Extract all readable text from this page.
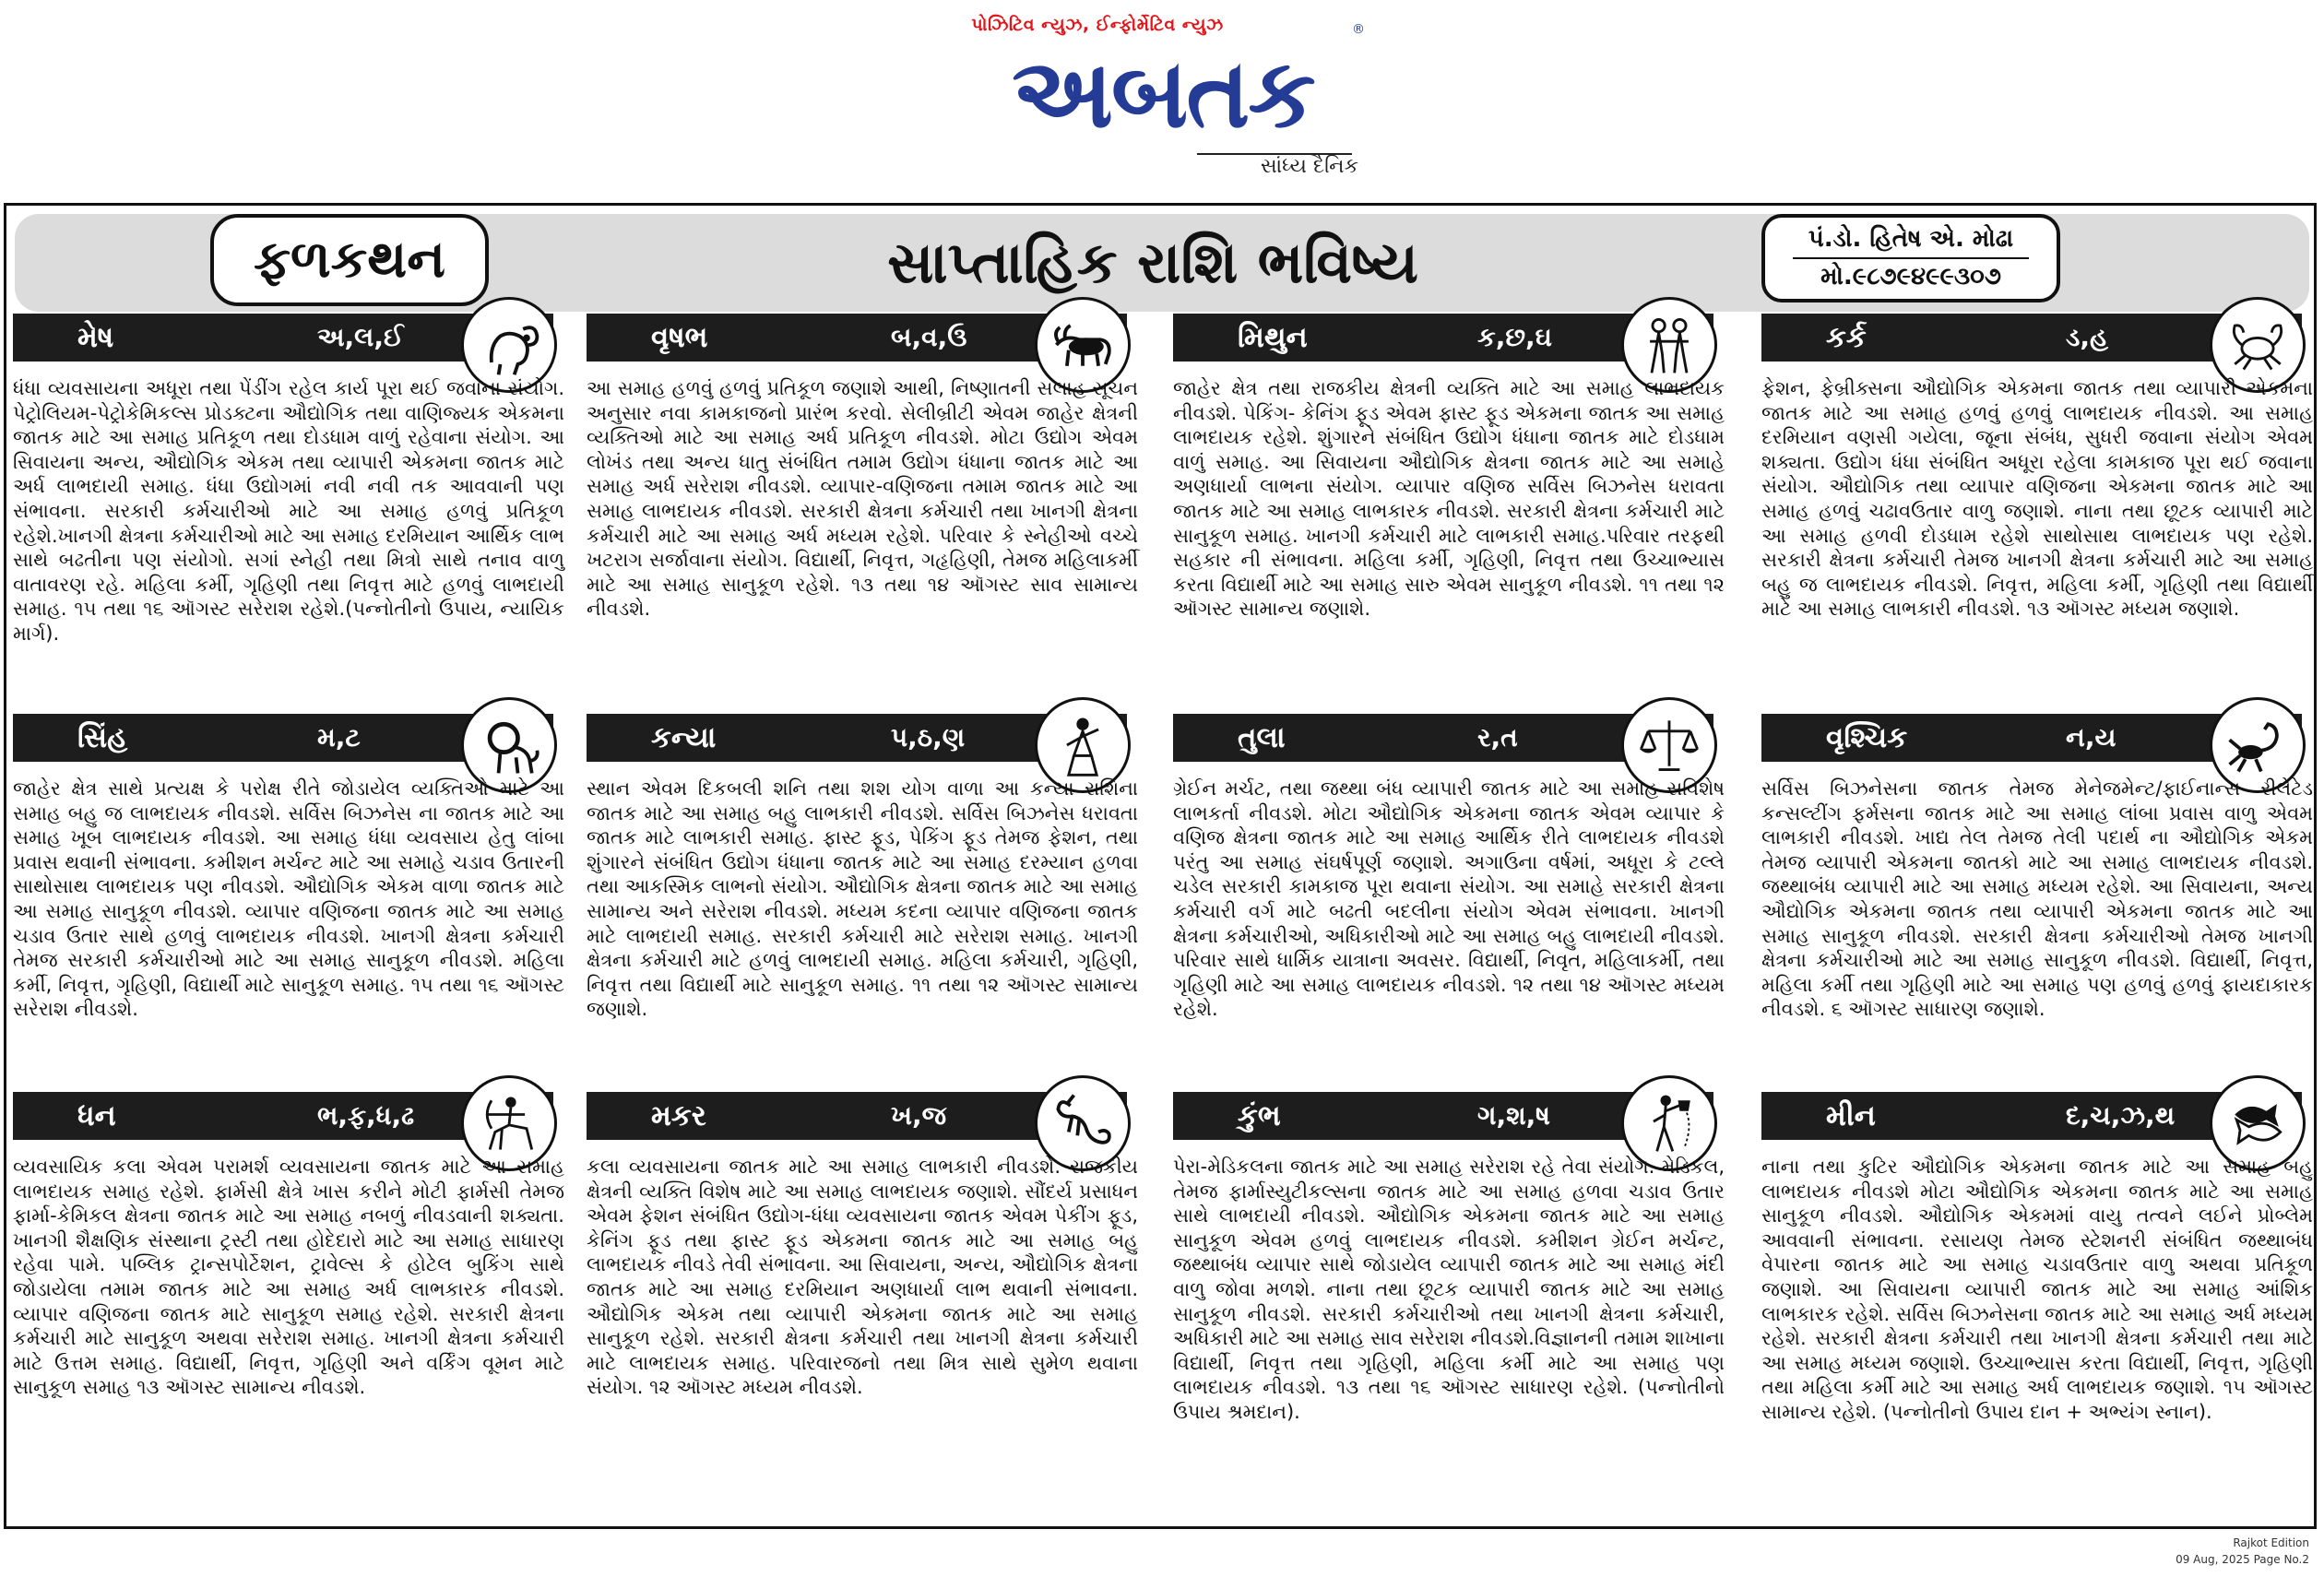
પોઝિટિવ ન્યુઝ, ઈન્ફોર્મેટિવ ન્યુઝ
અબતક
®
સાંધ્ય દૈનિક
ફળકથન	સાપ્તાહિક રાશિ ભવિષ્ય	પં.ડો. હિતેષ એ. મોઢા
મો.૯૮૭૯૪૯૯૩૦૭
મેષ	અ,લ,ઈ
ધંધા વ્યવસાયના અધૂરા તથા પેંડીંગ રહેલ કાર્ય પૂરા થઈ જવાના સંયોગ. પેટ્રોલિયમ-પેટ્રોકેમિકલ્સ પ્રોડક્ટના ઔદ્યોગિક તથા વાણિજ્યક એકમના જાતક માટે આ સમાહ પ્રતિકૂળ તથા દોડધામ વાળું રહેવાના સંયોગ. આ સિવાયના અન્ય, ઔદ્યોગિક એકમ તથા વ્યાપારી એકમના જાતક માટે અર્ધ લાભદાયી સમાહ. ધંધા ઉદ્યોગમાં નવી નવી તક આવવાની પણ સંભાવના. સરકારી કર્મચારીઓ માટે આ સમાહ હળવું પ્રતિકૂળ રહેશે.ખાનગી ક્ષેત્રના કર્મચારીઓ માટે આ સમાહ દરમિયાન આર્થિક લાભ સાથે બઢતીના પણ સંયોગો. સગાં સ્નેહી તથા મિત્રો સાથે તનાવ વાળુ વાતાવરણ રહે. મહિલા કર્મી, ગૃહિણી તથા નિવૃત્ત માટે હળવું લાભદાયી સમાહ. ૧૫ તથા ૧૬ ઑગસ્ટ સરેરાશ રહેશે.(પન્નોતીનો ઉપાય, ન્યાયિક માર્ગ).
વૃષભ	બ,વ,ઉ
આ સમાહ હળવું હળવું પ્રતિકૂળ જણાશે આથી, નિષ્ણાતની સલાહ સૂચન અનુસાર નવા કામકાજનો પ્રારંભ કરવો. સેલીબ્રીટી એવમ જાહેર ક્ષેત્રની વ્યક્તિઓ માટે આ સમાહ અર્ધ પ્રતિકૂળ નીવડશે. મોટા ઉદ્યોગ એવમ લોખંડ તથા અન્ય ધાતુ સંબંધિત તમામ ઉદ્યોગ ધંધાના જાતક માટે આ સમાહ અર્ધ સરેરાશ નીવડશે. વ્યાપાર-વણિજના તમામ જાતક માટે આ સમાહ લાભદાયક નીવડશે. સરકારી ક્ષેત્રના કર્મચારી તથા ખાનગી ક્ષેત્રના કર્મચારી માટે આ સમાહ અર્ધ મધ્યમ રહેશે. પરિવાર કે સ્નેહીઓ વચ્ચે ખટરાગ સર્જાવાના સંયોગ. વિદ્યાર્થી, નિવૃત્ત, ગહૃહિણી, તેમજ મહિલાકર્મી માટે આ સમાહ સાનુકૂળ રહેશે. ૧૩ તથા ૧૪ ઑગસ્ટ સાવ સામાન્ય નીવડશે.
મિથુન	ક,છ,ઘ
જાહેર ક્ષેત્ર તથા રાજકીય ક્ષેત્રની વ્યક્તિ માટે આ સમાહ લાભદાયક નીવડશે. પેકિંગ- કેનિંગ ફૂડ એવમ ફાસ્ટ ફૂડ એકમના જાતક આ સમાહ લાભદાયક રહેશે. શુંગારને સંબંધિત ઉદ્યોગ ધંધાના જાતક માટે દોડધામ વાળું સમાહ. આ સિવાયના ઔદ્યોગિક ક્ષેત્રના જાતક માટે આ સમાહે અણધાર્યા લાભના સંયોગ. વ્યાપાર વણિજ સર્વિસ બિઝનેસ ધરાવતા જાતક માટે આ સમાહ લાભકારક નીવડશે. સરકારી ક્ષેત્રના કર્મચારી માટે સાનુકૂળ સમાહ. ખાનગી કર્મચારી માટે લાભકારી સમાહ.પરિવાર તરફથી સહકાર ની સંભાવના. મહિલા કર્મી, ગૃહિણી, નિવૃત્ત તથા ઉચ્ચાભ્યાસ કરતા વિદ્યાર્થી માટે આ સમાહ સારુ એવમ સાનુકૂળ નીવડશે. ૧૧ તથા ૧૨ ઑગસ્ટ સામાન્ય જણાશે.
કર્ક	ડ,હ
ફેશન, ફેબ્રીક્સના ઔદ્યોગિક એકમના જાતક તથા વ્યાપારી એકમના જાતક માટે આ સમાહ હળવું હળવું લાભદાયક નીવડશે. આ સમાહ દરમિયાન વણસી ગયેલા, જૂના સંબંધ, સુધરી જવાના સંયોગ એવમ શક્યતા. ઉદ્યોગ ધંધા સંબંધિત અધૂરા રહેલા કામકાજ પૂરા થઈ જવાના સંયોગ. ઔદ્યોગિક તથા વ્યાપાર વણિજના એકમના જાતક માટે આ સમાહ હળવું ચઢાવઉતાર વાળુ જણાશે. નાના તથા છૂટક વ્યાપારી માટે આ સમાહ હળવી દોડધામ રહેશે સાથોસાથ લાભદાયક પણ રહેશે. સરકારી ક્ષેત્રના કર્મચારી તેમજ ખાનગી ક્ષેત્રના કર્મચારી માટે આ સમાહ બહુ જ લાભદાયક નીવડશે. નિવૃત્ત, મહિલા કર્મી, ગૃહિણી તથા વિદ્યાર્થી માટે આ સમાહ લાભકારી નીવડશે. ૧૩ ઑગસ્ટ મધ્યમ જણાશે.
સિંહ	મ,ટ
જાહેર ક્ષેત્ર સાથે પ્રત્યક્ષ કે પરોક્ષ રીતે જોડાયેલ વ્યક્તિઓ માટે આ સમાહ બહુ જ લાભદાયક નીવડશે. સર્વિસ બિઝનેસ ના જાતક માટે આ સમાહ ખૂબ લાભદાયક નીવડશે. આ સમાહ ધંધા વ્યવસાય હેતુ લાંબા પ્રવાસ થવાની સંભાવના. કમીશન મર્ચન્ટ માટે આ સમાહે ચડાવ ઉતારની સાથોસાથ લાભદાયક પણ નીવડશે. ઔદ્યોગિક એકમ વાળા જાતક માટે આ સમાહ સાનુકૂળ નીવડશે. વ્યાપાર વણિજના જાતક માટે આ સમાહ ચડાવ ઉતાર સાથે હળવું લાભદાયક નીવડશે. ખાનગી ક્ષેત્રના કર્મચારી તેમજ સરકારી કર્મચારીઓ માટે આ સમાહ સાનુકૂળ નીવડશે. મહિલા કર્મી, નિવૃત્ત, ગૃહિણી, વિદ્યાર્થી માટે સાનુકૂળ સમાહ. ૧૫ તથા ૧૬ ઑગસ્ટ સરેરાશ નીવડશે.
કન્યા	પ,ઠ,ણ
સ્થાન એવમ દિકબલી શનિ તથા શશ યોગ વાળા આ કન્યા રાશિના જાતક માટે આ સમાહ બહુ લાભકારી નીવડશે. સર્વિસ બિઝનેસ ધરાવતા જાતક માટે લાભકારી સમાહ. ફાસ્ટ ફૂડ, પેકિંગ ફૂડ તેમજ ફેશન, તથા શુંગારને સંબંધિત ઉદ્યોગ ધંધાના જાતક માટે આ સમાહ દરમ્યાન હળવા તથા આકસ્મિક લાભનો સંયોગ. ઔદ્યોગિક ક્ષેત્રના જાતક માટે આ સમાહ સામાન્ય અને સરેરાશ નીવડશે. મધ્યમ કદના વ્યાપાર વણિજના જાતક માટે લાભદાયી સમાહ. સરકારી કર્મચારી માટે સરેરાશ સમાહ. ખાનગી ક્ષેત્રના કર્મચારી માટે હળવું લાભદાયી સમાહ. મહિલા કર્મચારી, ગૃહિણી, નિવૃત્ત તથા વિદ્યાર્થી માટે સાનુકૂળ સમાહ. ૧૧ તથા ૧૨ ઑગસ્ટ સામાન્ય જણાશે.
તુલા	ર,ત
ગ્રેઈન મર્ચટ, તથા જથ્થા બંધ વ્યાપારી જાતક માટે આ સમાહ સવિશેષ લાભકર્તા નીવડશે. મોટા ઔદ્યોગિક એકમના જાતક એવમ વ્યાપાર કે વણિજ ક્ષેત્રના જાતક માટે આ સમાહ આર્થિક રીતે લાભદાયક નીવડશે પરંતુ આ સમાહ સંઘર્ષપૂર્ણ જણાશે. અગાઉના વર્ષમાં, અધૂરા કે ટલ્લે ચડેલ સરકારી કામકાજ પૂરા થવાના સંયોગ. આ સમાહે સરકારી ક્ષેત્રના કર્મચારી વર્ગ માટે બઢતી બદલીના સંયોગ એવમ સંભાવના. ખાનગી ક્ષેત્રના કર્મચારીઓ, અધિકારીઓ માટે આ સમાહ બહુ લાભદાયી નીવડશે. પરિવાર સાથે ધાર્મિક યાત્રાના અવસર. વિદ્યાર્થી, નિવૃત, મહિલાકર્મી, તથા ગૃહિણી માટે આ સમાહ લાભદાયક નીવડશે. ૧૨ તથા ૧૪ ઑગસ્ટ મધ્યમ રહેશે.
વૃશ્ચિક	ન,ય
સર્વિસ બિઝનેસના જાતક તેમજ મેનેજમેન્ટ/ફાઈનાન્સ રીલેટેડ કન્સલ્ટીંગ ફર્મસના જાતક માટે આ સમાહ લાંબા પ્રવાસ વાળુ એવમ લાભકારી નીવડશે. ખાદ્ય તેલ તેમજ તેલી પદાર્થ ના ઔદ્યોગિક એકમ તેમજ વ્યાપારી એકમના જાતકો માટે આ સમાહ લાભદાયક નીવડશે. જથ્થાબંધ વ્યાપારી માટે આ સમાહ મધ્યમ રહેશે. આ સિવાયના, અન્ય ઔદ્યોગિક એકમના જાતક તથા વ્યાપારી એકમના જાતક માટે આ સમાહ સાનુકૂળ નીવડશે. સરકારી ક્ષેત્રના કર્મચારીઓ તેમજ ખાનગી ક્ષેત્રના કર્મચારીઓ માટે આ સમાહ સાનુકૂળ નીવડશે. વિદ્યાર્થી, નિવૃત્ત, મહિલા કર્મી તથા ગૃહિણી માટે આ સમાહ પણ હળવું હળવું ફાયદાકારક નીવડશે. ૬ ઑગસ્ટ સાધારણ જણાશે.
ધન	ભ,ફ,ધ,ઢ
વ્યવસાયિક કલા એવમ પરામર્શ વ્યવસાયના જાતક માટે આ સમાહ લાભદાયક સમાહ રહેશે. ફાર્મસી ક્ષેત્રે ખાસ કરીને મોટી ફાર્મસી તેમજ ફાર્મા-કેમિકલ ક્ષેત્રના જાતક માટે આ સમાહ નબળું નીવડવાની શક્યતા. ખાનગી શૈક્ષણિક સંસ્થાના ટ્રસ્ટી તથા હોદેદારો માટે આ સમાહ સાધારણ રહેવા પામે. પબ્લિક ટ્રાન્સપોર્ટેશન, ટ્રાવેલ્સ કે હોટેલ બુકિંગ સાથે જોડાયેલા તમામ જાતક માટે આ સમાહ અર્ધ લાભકારક નીવડશે. વ્યાપાર વણિજના જાતક માટે સાનુકૂળ સમાહ રહેશે. સરકારી ક્ષેત્રના કર્મચારી માટે સાનુકૂળ અથવા સરેરાશ સમાહ. ખાનગી ક્ષેત્રના કર્મચારી માટે ઉત્તમ સમાહ. વિદ્યાર્થી, નિવૃત્ત, ગૃહિણી અને વર્કિંગ વૂમન માટે સાનુકૂળ સમાહ ૧૩ ઑગસ્ટ સામાન્ય નીવડશે.
મકર	ખ,જ
કલા વ્યવસાયના જાતક માટે આ સમાહ લાભકારી નીવડશે. રાજકીય ક્ષેત્રની વ્યક્તિ વિશેષ માટે આ સમાહ લાભદાયક જણાશે. સૌંદર્ય પ્રસાધન એવમ ફેશન સંબંધિત ઉદ્યોગ-ધંધા વ્યવસાયના જાતક એવમ પેકીંગ ફૂડ, કેનિંગ ફૂડ તથા ફાસ્ટ ફૂડ એકમના જાતક માટે આ સમાહ બહુ લાભદાયક નીવડે તેવી સંભાવના. આ સિવાયના, અન્ય, ઔદ્યોગિક ક્ષેત્રના જાતક માટે આ સમાહ દરમિયાન અણધાર્યા લાભ થવાની સંભાવના. ઔદ્યોગિક એકમ તથા વ્યાપારી એકમના જાતક માટે આ સમાહ સાનુકૂળ રહેશે. સરકારી ક્ષેત્રના કર્મચારી તથા ખાનગી ક્ષેત્રના કર્મચારી માટે લાભદાયક સમાહ. પરિવારજનો તથા મિત્ર સાથે સુમેળ થવાના સંયોગ. ૧૨ ઑગસ્ટ મધ્યમ નીવડશે.
કુંભ	ગ,શ,ષ
પેરા-મેડિકલના જાતક માટે આ સમાહ સરેરાશ રહે તેવા સંયોગ. મેડિકલ, તેમજ ફાર્માસ્યુટીકલ્સના જાતક માટે આ સમાહ હળવા ચડાવ ઉતાર સાથે લાભદાયી નીવડશે. ઔદ્યોગિક એકમના જાતક માટે આ સમાહ સાનુકૂળ એવમ હળવું લાભદાયક નીવડશે. કમીશન ગ્રેઈન મર્ચન્ટ, જથ્થાબંધ વ્યાપાર સાથે જોડાયેલ વ્યાપારી જાતક માટે આ સમાહ મંદી વાળુ જોવા મળશે. નાના તથા છૂટક વ્યાપારી જાતક માટે આ સમાહ સાનુકૂળ નીવડશે. સરકારી કર્મચારીઓ તથા ખાનગી ક્ષેત્રના કર્મચારી, અધિકારી માટે આ સમાહ સાવ સરેરાશ નીવડશે.વિજ્ઞાનની તમામ શાખાના વિદ્યાર્થી, નિવૃત્ત તથા ગૃહિણી, મહિલા કર્મી માટે આ સમાહ પણ લાભદાયક નીવડશે. ૧૩ તથા ૧૬ ઑગસ્ટ સાધારણ રહેશે. (પન્નોતીનો ઉપાય શ્રમદાન).
મીન	દ,ચ,ઝ,થ
નાના તથા કુટિર ઔદ્યોગિક એકમના જાતક માટે આ સમાહ બહુ લાભદાયક નીવડશે મોટા ઔદ્યોગિક એકમના જાતક માટે આ સમાહ સાનુકૂળ નીવડશે. ઔદ્યોગિક એકમમાં વાયુ તત્વને લઈને પ્રોબ્લેમ આવવાની સંભાવના. રસાયણ તેમજ સ્ટેશનરી સંબંધિત જથ્થાબંધ વેપારના જાતક માટે આ સમાહ ચડાવઉતાર વાળુ અથવા પ્રતિકૂળ જણાશે. આ સિવાયના વ્યાપારી જાતક માટે આ સમાહ આંશિક લાભકારક રહેશે. સર્વિસ બિઝનેસના જાતક માટે આ સમાહ અર્ધ મધ્યમ રહેશે. સરકારી ક્ષેત્રના કર્મચારી તથા ખાનગી ક્ષેત્રના કર્મચારી તથા માટે આ સમાહ મધ્યમ જણાશે. ઉચ્ચાભ્યાસ કરતા વિદ્યાર્થી, નિવૃત્ત, ગૃહિણી તથા મહિલા કર્મી માટે આ સમાહ અર્ધ લાભદાયક જણાશે. ૧૫ ઑગસ્ટ સામાન્ય રહેશે. (પન્નોતીનો ઉપાય દાન + અભ્યંગ સ્નાન).
Rajkot Edition
09 Aug, 2025 Page No.2
